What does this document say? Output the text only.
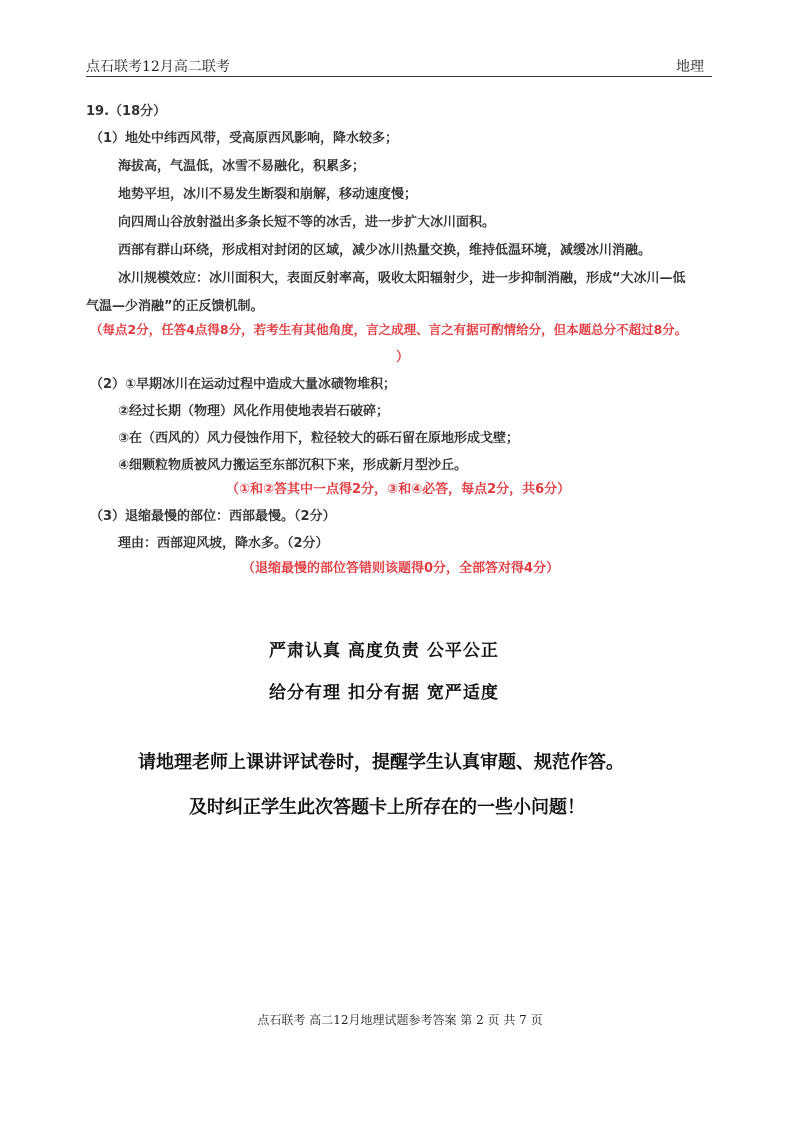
点石联考12月高二联考	地理
19.（18分）
（1）地处中纬西风带，受高原西风影响，降水较多；
海拔高，气温低，冰雪不易融化，积累多；
地势平坦，冰川不易发生断裂和崩解，移动速度慢；
向四周山谷放射溢出多条长短不等的冰舌，进一步扩大冰川面积。
西部有群山环绕，形成相对封闭的区域，减少冰川热量交换，维持低温环境，减缓冰川消融。
冰川规模效应：冰川面积大，表面反射率高，吸收太阳辐射少，进一步抑制消融，形成“大冰川—低
气温—少消融”的正反馈机制。
（每点2分，任答4点得8分，若考生有其他角度，言之成理、言之有据可酌情给分，但本题总分不超过8分。
）
（2）①早期冰川在运动过程中造成大量冰碛物堆积；
②经过长期（物理）风化作用使地表岩石破碎；
③在（西风的）风力侵蚀作用下，粒径较大的砾石留在原地形成戈壁；
④细颗粒物质被风力搬运至东部沉积下来，形成新月型沙丘。
（①和②答其中一点得2分，③和④必答，每点2分，共6分）
（3）退缩最慢的部位：西部最慢。（2分）
理由：西部迎风坡，降水多。（2分）
（退缩最慢的部位答错则该题得0分，全部答对得4分）
严肃认真 高度负责 公平公正
给分有理 扣分有据 宽严适度
请地理老师上课讲评试卷时，提醒学生认真审题、规范作答。
及时纠正学生此次答题卡上所存在的一些小问题！
点石联考 高二12月地理试题参考答案 第 2 页 共 7 页
